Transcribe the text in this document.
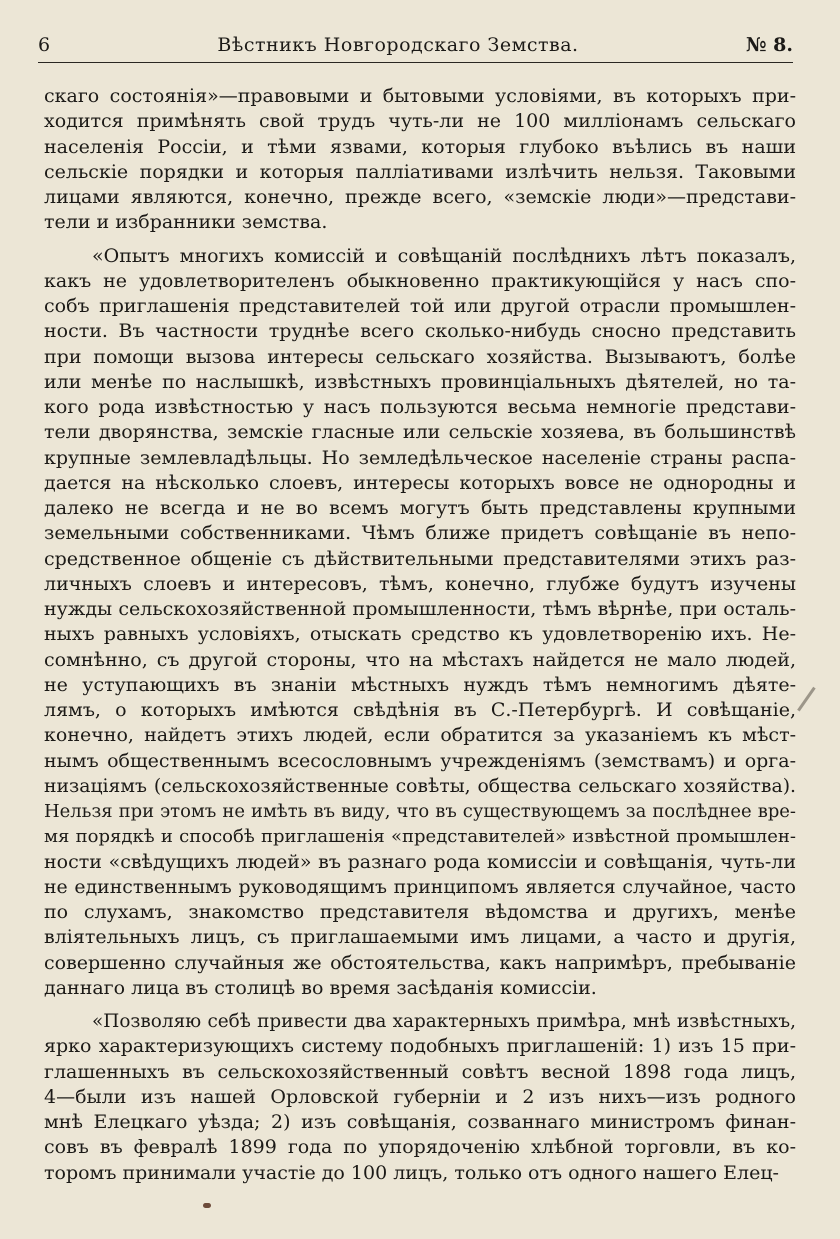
6	Вѣстникъ Новгородскаго Земства.	№ 8.
скаго состоянія»—правовыми и бытовыми условіями, въ которыхъ при-
ходится примѣнять свой трудъ чуть-ли не 100 милліонамъ сельскаго
населенія Россіи, и тѣми язвами, которыя глубоко въѣлись въ наши
сельскіе порядки и которыя паллiативами излѣчить нельзя. Таковыми
лицами являются, конечно, прежде всего, «земскіе люди»—представи-
тели и избранники земства.
«Опытъ многихъ комиссій и совѣщаній послѣднихъ лѣтъ показалъ,
какъ не удовлетворителенъ обыкновенно практикующійся у насъ спо-
собъ приглашенія представителей той или другой отрасли промышлен-
ности. Въ частности труднѣе всего сколько-нибудь сносно представить
при помощи вызова интересы сельскаго хозяйства. Вызываютъ, болѣе
или менѣе по наслышкѣ, извѣстныхъ провинціальныхъ дѣятелей, но та-
кого рода извѣстностью у насъ пользуются весьма немногіе представи-
тели дворянства, земскіе гласные или сельскіе хозяева, въ большинствѣ
крупные землевладѣльцы. Но земледѣльческое населеніе страны распа-
дается на нѣсколько слоевъ, интересы которыхъ вовсе не однородны и
далеко не всегда и не во всемъ могутъ быть представлены крупными
земельными собственниками. Чѣмъ ближе придетъ совѣщаніе въ непо-
средственное общеніе съ дѣйствительными представителями этихъ раз-
личныхъ слоевъ и интересовъ, тѣмъ, конечно, глубже будутъ изучены
нужды сельскохозяйственной промышленности, тѣмъ вѣрнѣе, при осталь-
ныхъ равныхъ условiяхъ, отыскать средство къ удовлетворенію ихъ. Не-
сомнѣнно, съ другой стороны, что на мѣстахъ найдется не мало людей,
не уступающихъ въ знаніи мѣстныхъ нуждъ тѣмъ немногимъ дѣяте-
лямъ, о которыхъ имѣются свѣдѣнія въ С.-Петербургѣ. И совѣщаніе,
конечно, найдетъ этихъ людей, если обратится за указаніемъ къ мѣст-
нымъ общественнымъ всесословнымъ учрежденіямъ (земствамъ) и орга-
низаціямъ (сельскохозяйственные совѣты, общества сельскаго хозяйства).
Нельзя при этомъ не имѣть въ виду, что въ существующемъ за послѣднее вре-
мя порядкѣ и способѣ приглашенія «представителей» извѣстной промышлен-
ности «свѣдущихъ людей» въ разнаго рода комиссіи и совѣщанія, чуть-ли
не единственнымъ руководящимъ принципомъ является случайное, часто
по слухамъ, знакомство представителя вѣдомства и другихъ, менѣе
вліятельныхъ лицъ, съ приглашаемыми имъ лицами, а часто и другія,
совершенно случайныя же обстоятельства, какъ напримѣръ, пребываніе
даннаго лица въ столицѣ во время засѣданія комиссіи.
«Позволяю себѣ привести два характерныхъ примѣра, мнѣ извѣстныхъ,
ярко характеризующихъ систему подобныхъ приглашеній: 1) изъ 15 при-
глашенныхъ въ сельскохозяйственный совѣтъ весной 1898 года лицъ,
4—были изъ нашей Орловской губерніи и 2 изъ нихъ—изъ родного
мнѣ Елецкаго уѣзда; 2) изъ совѣщанія, созваннаго министромъ финан-
совъ въ февралѣ 1899 года по упорядоченію хлѣбной торговли, въ ко-
торомъ принимали участіе до 100 лицъ, только отъ одного нашего Елец-
